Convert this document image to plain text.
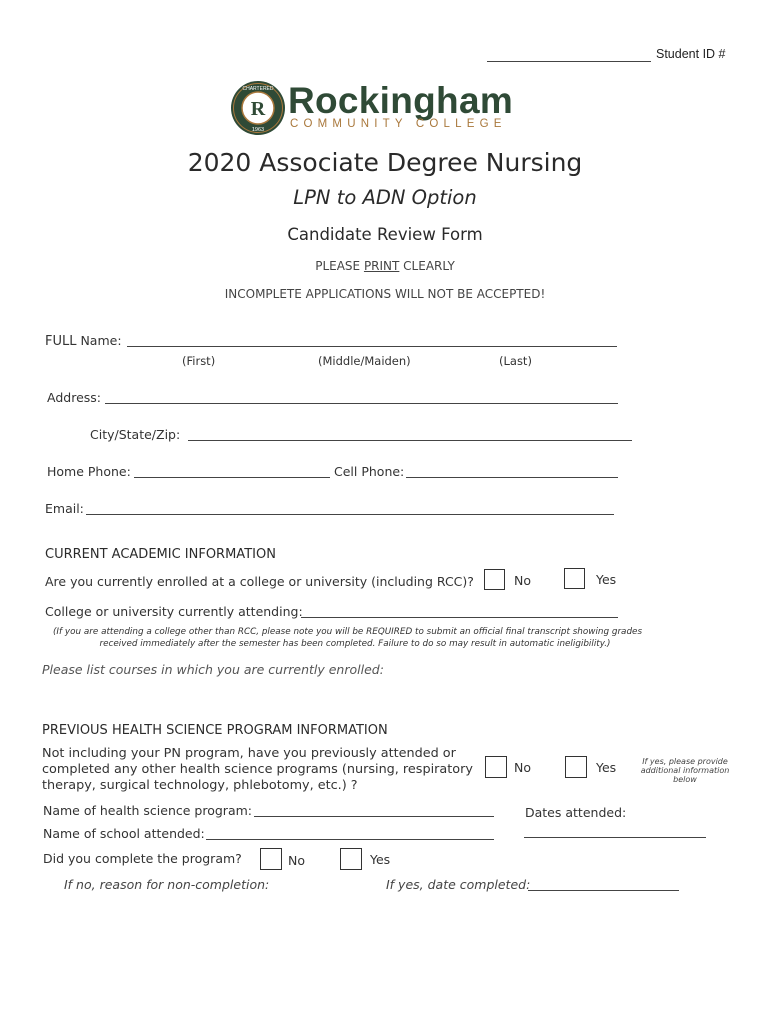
Student ID #
R
CHARTERED
1963
Rockingham
COMMUNITY COLLEGE
2020 Associate Degree Nursing
LPN to ADN Option
Candidate Review Form
PLEASE PRINT CLEARLY
INCOMPLETE APPLICATIONS WILL NOT BE ACCEPTED!
FULL Name:
(First)	(Middle/Maiden)	(Last)
Address:
City/State/Zip:
Home Phone:	Cell Phone:
Email:
CURRENT ACADEMIC INFORMATION
Are you currently enrolled at a college or university (including RCC)?	No	Yes
College or university currently attending:
(If you are attending a college other than RCC, please note you will be REQUIRED to submit an official final transcript showing grades
received immediately after the semester has been completed. Failure to do so may result in automatic ineligibility.)
Please list courses in which you are currently enrolled:
PREVIOUS HEALTH SCIENCE PROGRAM INFORMATION
Not including your PN program, have you previously attended or
completed any other health science programs (nursing, respiratory
therapy, surgical technology, phlebotomy, etc.) ?
No	Yes	If yes, please provide
additional information below
Name of health science program:	Dates attended:
Name of school attended:
Did you complete the program?	No	Yes
If no, reason for non-completion:	If yes, date completed:
